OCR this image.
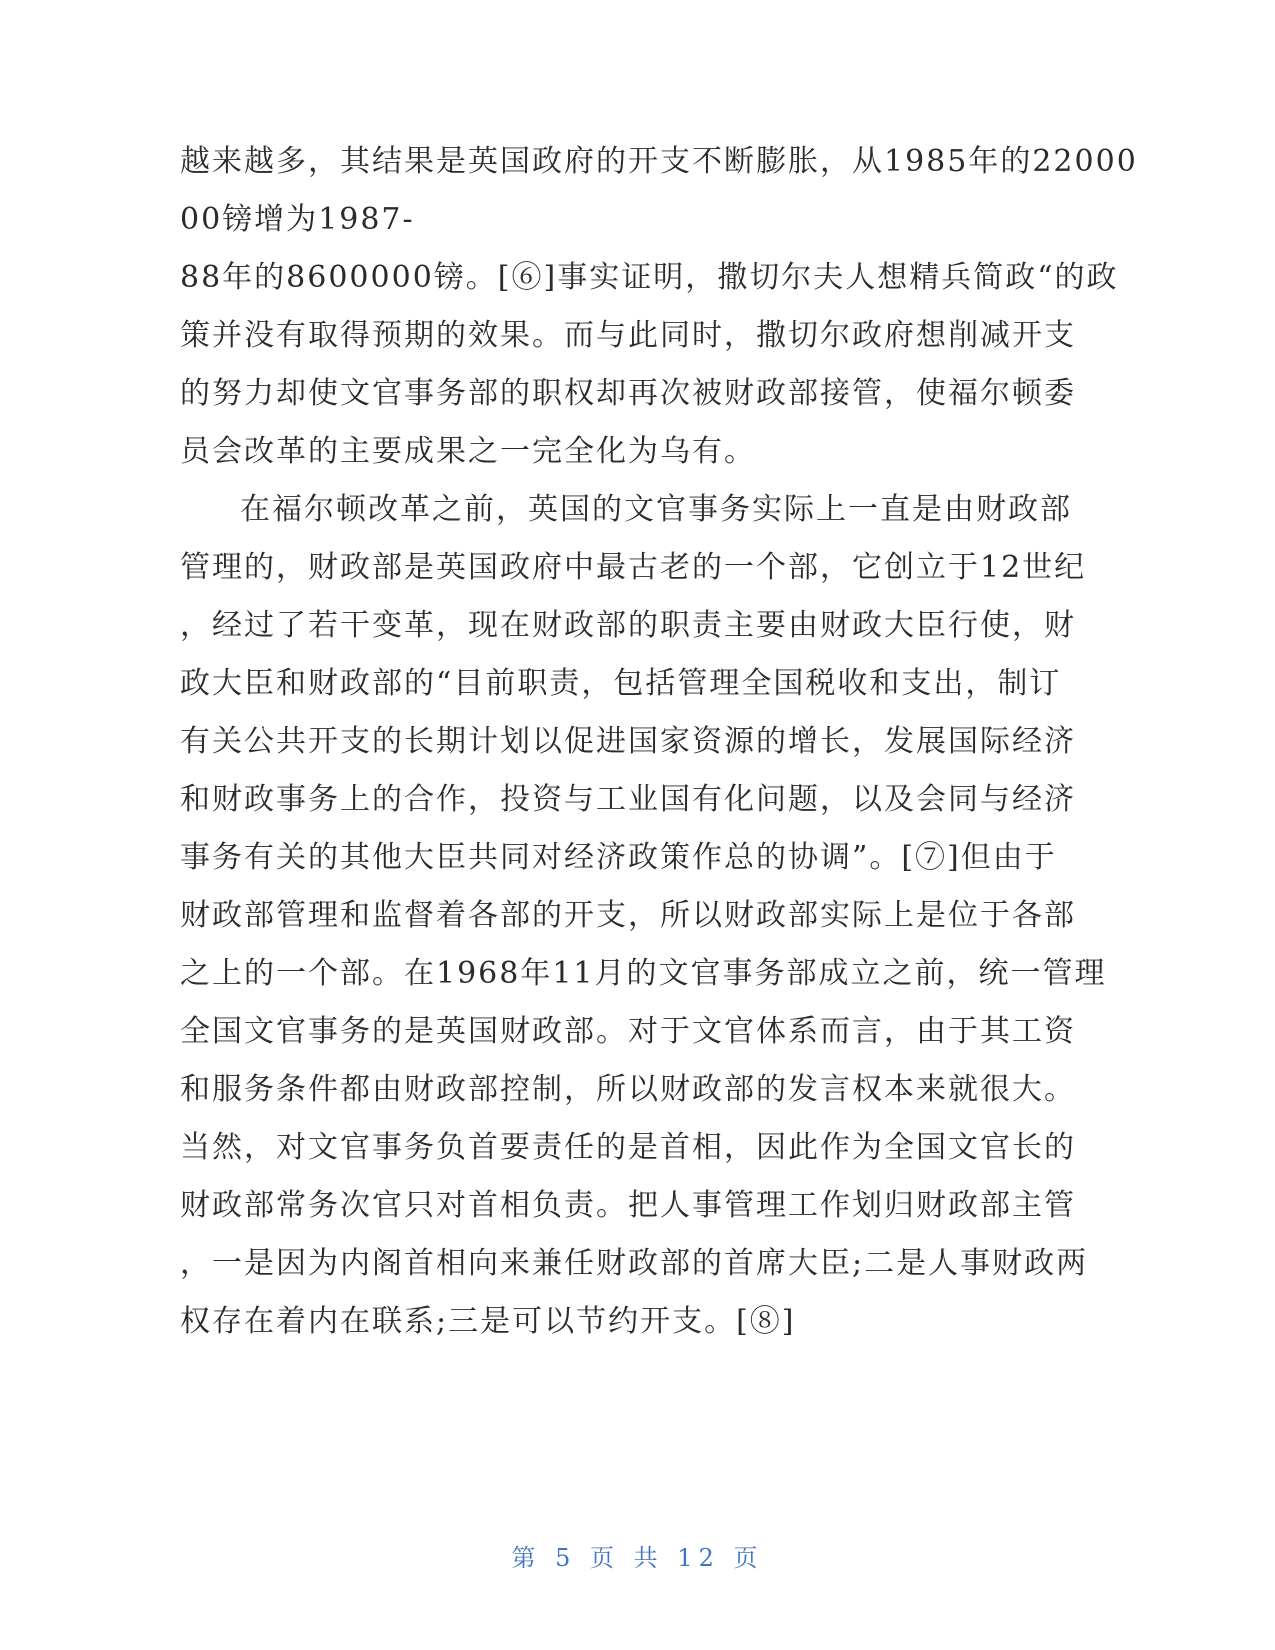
越来越多，其结果是英国政府的开支不断膨胀，从1985年的22000
00镑增为1987-
88年的8600000镑。[⑥]事实证明，撒切尔夫人想精兵简政“的政
策并没有取得预期的效果。而与此同时，撒切尔政府想削减开支
的努力却使文官事务部的职权却再次被财政部接管，使福尔顿委
员会改革的主要成果之一完全化为乌有。
在福尔顿改革之前，英国的文官事务实际上一直是由财政部
管理的，财政部是英国政府中最古老的一个部，它创立于12世纪
，经过了若干变革，现在财政部的职责主要由财政大臣行使，财
政大臣和财政部的“目前职责，包括管理全国税收和支出，制订
有关公共开支的长期计划以促进国家资源的增长，发展国际经济
和财政事务上的合作，投资与工业国有化问题，以及会同与经济
事务有关的其他大臣共同对经济政策作总的协调”。[⑦]但由于
财政部管理和监督着各部的开支，所以财政部实际上是位于各部
之上的一个部。在1968年11月的文官事务部成立之前，统一管理
全国文官事务的是英国财政部。对于文官体系而言，由于其工资
和服务条件都由财政部控制，所以财政部的发言权本来就很大。
当然，对文官事务负首要责任的是首相，因此作为全国文官长的
财政部常务次官只对首相负责。把人事管理工作划归财政部主管
，一是因为内阁首相向来兼任财政部的首席大臣;二是人事财政两
权存在着内在联系;三是可以节约开支。[⑧]
第 5 页 共 12 页
